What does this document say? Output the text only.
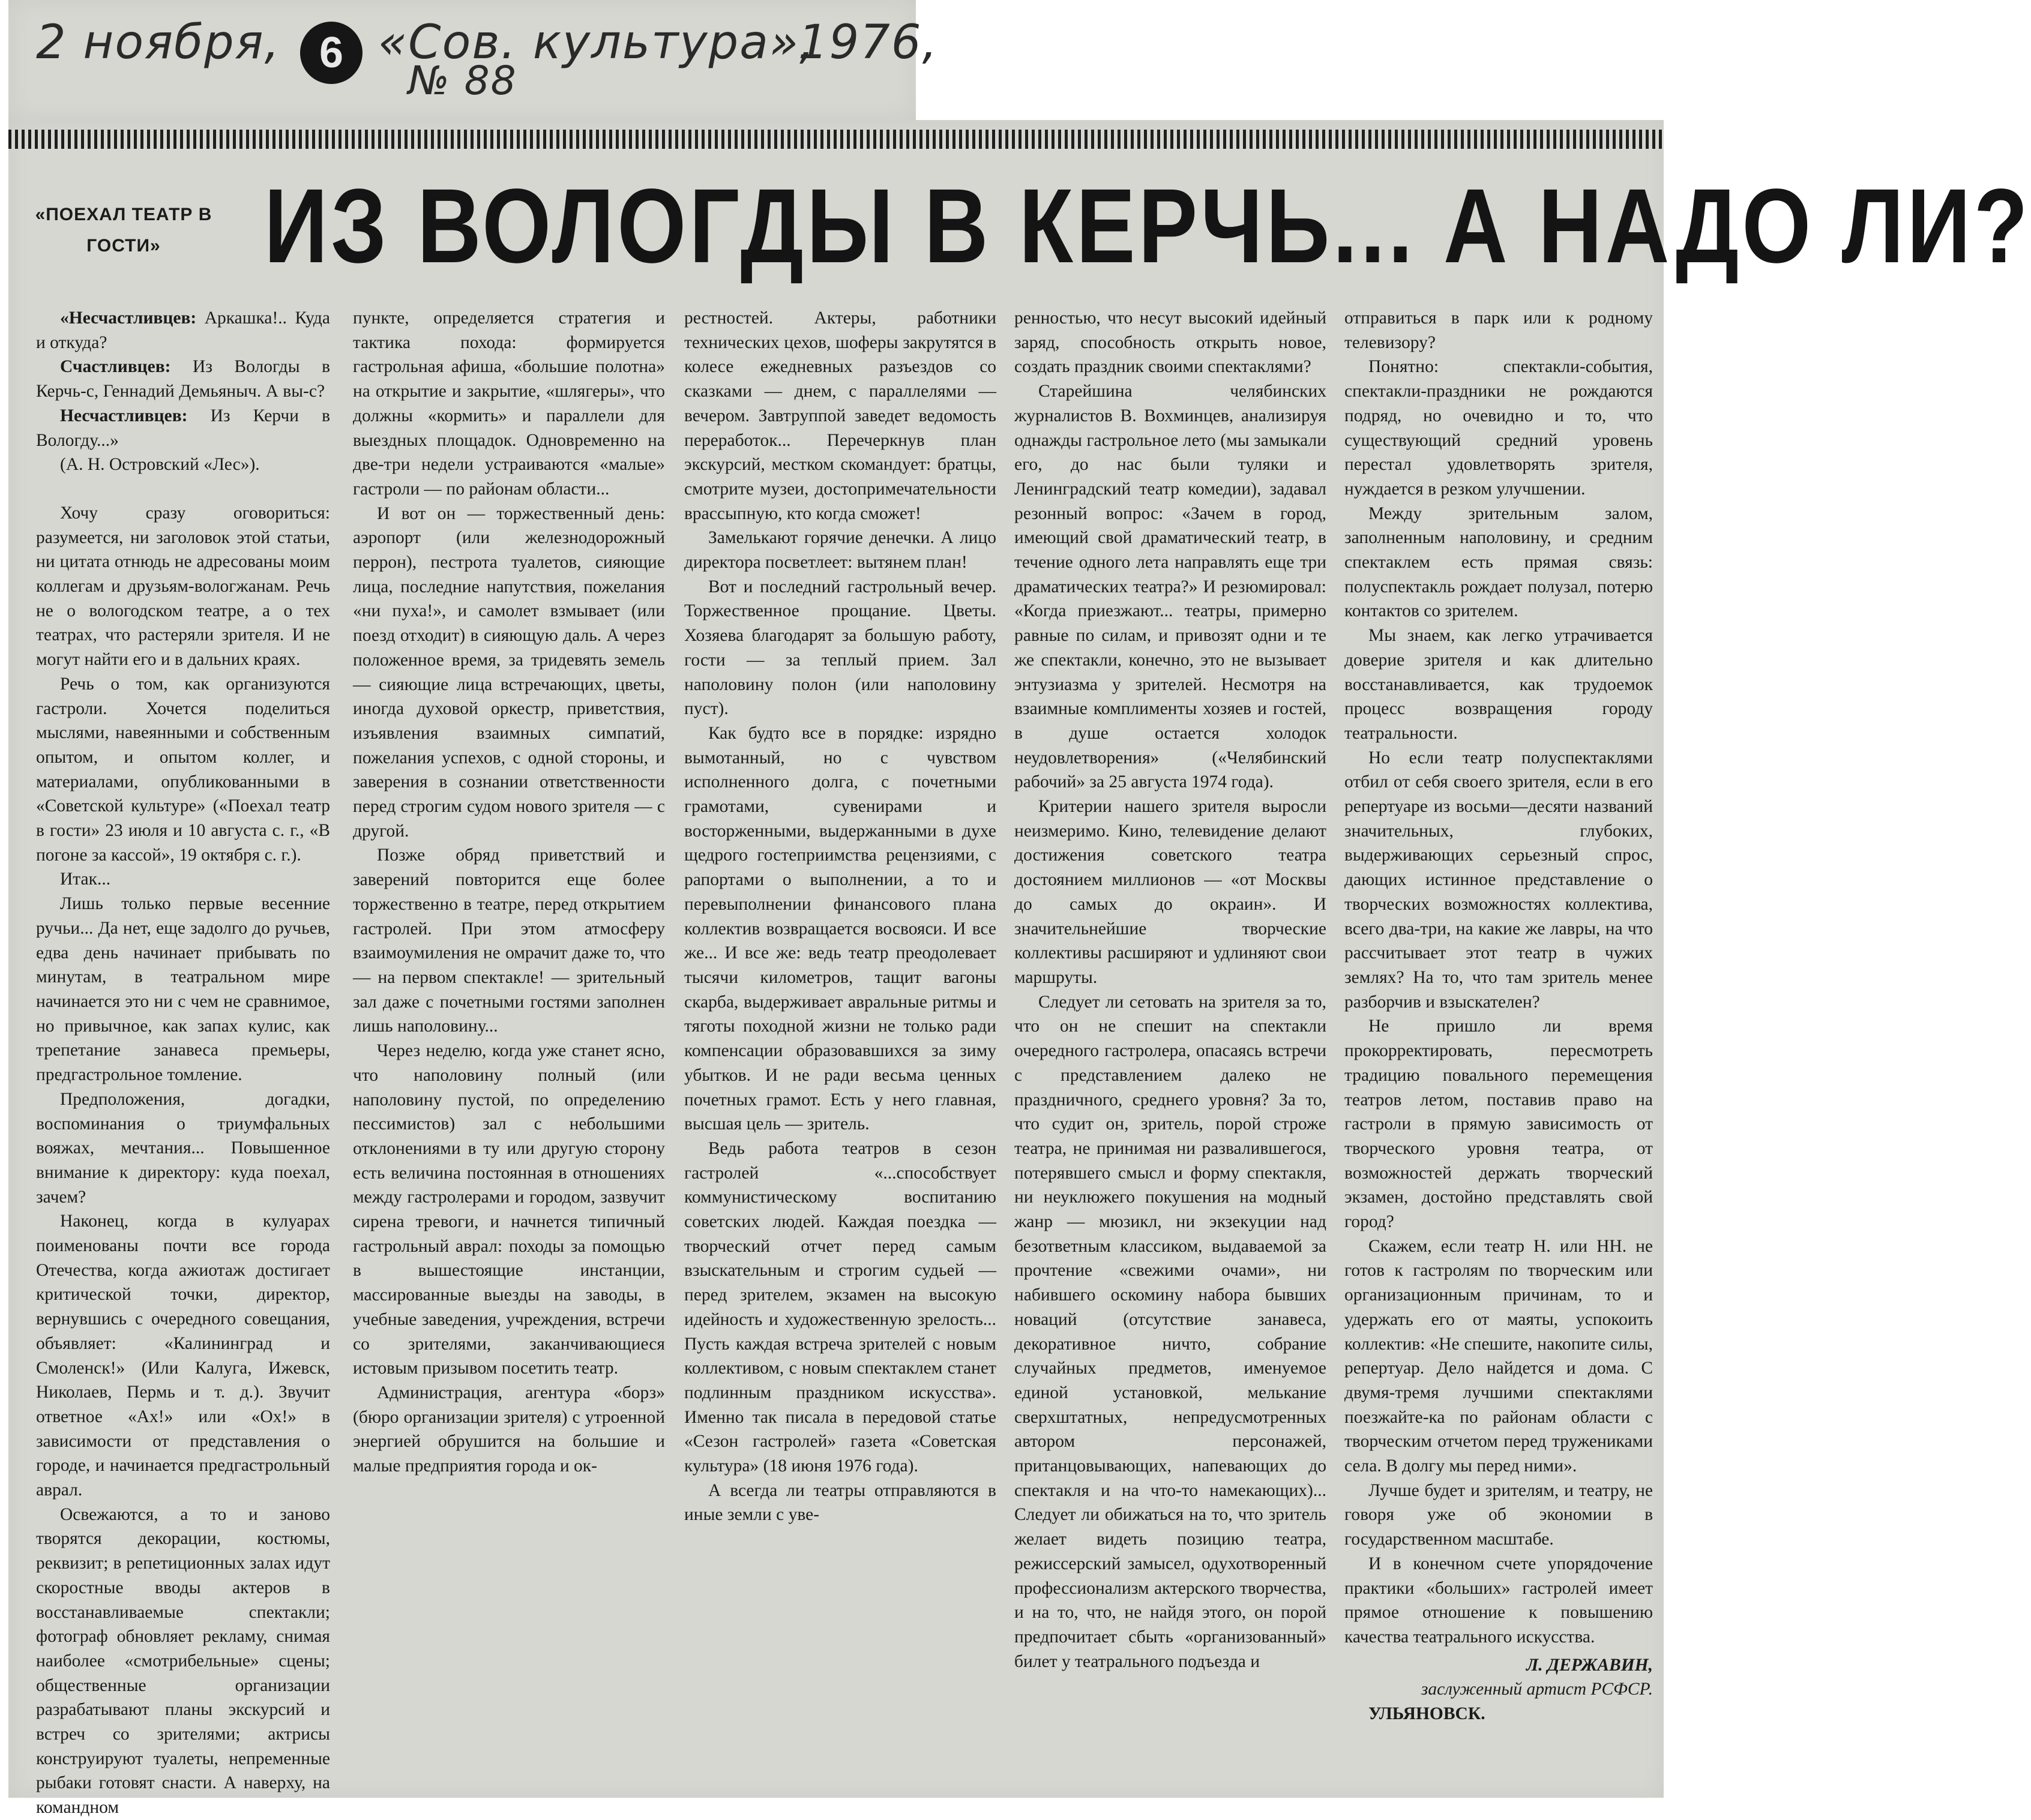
2 ноября, 6 «Сов. культура»,
1976,
№ 88
«ПОЕХАЛ ТЕАТР В ГОСТИ» ИЗ ВОЛОГДЫ В КЕРЧЬ... А НАДО ЛИ?

«Несчастливцев: Аркашка!.. Куда и откуда?

Счастливцев: Из Вологды в Керчь-с, Геннадий Демьяныч. А вы-с?

Несчастливцев: Из Керчи в Вологду...»

(А. Н. Островский «Лес»).

Хочу сразу оговориться: разумеется, ни заголовок этой статьи, ни цитата отнюдь не адресованы моим коллегам и друзьям-вологжанам. Речь не о вологодском театре, а о тех театрах, что растеряли зрителя. И не могут найти его и в дальних краях.

Речь о том, как организуются гастроли. Хочется поделиться мыслями, навеянными и собственным опытом, и опытом коллег, и материалами, опубликованными в «Советской культуре» («Поехал театр в гости» 23 июля и 10 августа с. г., «В погоне за кассой», 19 октября с. г.).

Итак...

Лишь только первые весенние ручьи... Да нет, еще задолго до ручьев, едва день начинает прибывать по минутам, в театральном мире начинается это ни с чем не сравнимое, но привычное, как запах кулис, как трепетание занавеса премьеры, предгастрольное томление.

Предположения, догадки, воспоминания о триумфальных вояжах, мечтания... Повышенное внимание к директору: куда поехал, зачем?

Наконец, когда в кулуарах поименованы почти все города Отечества, когда ажиотаж достигает критической точки, директор, вернувшись с очередного совещания, объявляет: «Калининград и Смоленск!» (Или Калуга, Ижевск, Николаев, Пермь и т. д.). Звучит ответное «Ах!» или «Ох!» в зависимости от представления о городе, и начинается предгастрольный аврал.

Освежаются, а то и заново творятся декорации, костюмы, реквизит; в репетиционных залах идут скоростные вводы актеров в восстанавливаемые спектакли; фотограф обновляет рекламу, снимая наиболее «смотрибельные» сцены; общественные организации разрабатывают планы экскурсий и встреч со зрителями; актрисы конструируют туалеты, непременные рыбаки готовят снасти. А наверху, на командном

пункте, определяется стратегия и тактика похода: формируется гастрольная афиша, «большие полотна» на открытие и закрытие, «шлягеры», что должны «кормить» и параллели для выездных площадок. Одновременно на две-три недели устраиваются «малые» гастроли — по районам области...

И вот он — торжественный день: аэропорт (или железнодорожный перрон), пестрота туалетов, сияющие лица, последние напутствия, пожелания «ни пуха!», и самолет взмывает (или поезд отходит) в сияющую даль. А через положенное время, за тридевять земель — сияющие лица встречающих, цветы, иногда духовой оркестр, приветствия, изъявления взаимных симпатий, пожелания успехов, с одной стороны, и заверения в сознании ответственности перед строгим судом нового зрителя — с другой.

Позже обряд приветствий и заверений повторится еще более торжественно в театре, перед открытием гастролей. При этом атмосферу взаимоумиления не омрачит даже то, что — на первом спектакле! — зрительный зал даже с почетными гостями заполнен лишь наполовину...

Через неделю, когда уже станет ясно, что наполовину полный (или наполовину пустой, по определению пессимистов) зал с небольшими отклонениями в ту или другую сторону есть величина постоянная в отношениях между гастролерами и городом, зазвучит сирена тревоги, и начнется типичный гастрольный аврал: походы за помощью в вышестоящие инстанции, массированные выезды на заводы, в учебные заведения, учреждения, встречи со зрителями, заканчивающиеся истовым призывом посетить театр.

Администрация, агентура «борз» (бюро организации зрителя) с утроенной энергией обрушится на большие и малые предприятия города и ок-

рестностей. Актеры, работники технических цехов, шоферы закрутятся в колесе ежедневных разъездов со сказками — днем, с параллелями — вечером. Завтруппой заведет ведомость переработок... Перечеркнув план экскурсий, местком скомандует: братцы, смотрите музеи, достопримечательности врассыпную, кто когда сможет!

Замелькают горячие денечки. А лицо директора посветлеет: вытянем план!

Вот и последний гастрольный вечер. Торжественное прощание. Цветы. Хозяева благодарят за большую работу, гости — за теплый прием. Зал наполовину полон (или наполовину пуст).

Как будто все в порядке: изрядно вымотанный, но с чувством исполненного долга, с почетными грамотами, сувенирами и восторженными, выдержанными в духе щедрого гостеприимства рецензиями, с рапортами о выполнении, а то и перевыполнении финансового плана коллектив возвращается восвояси. И все же... И все же: ведь театр преодолевает тысячи километров, тащит вагоны скарба, выдерживает авральные ритмы и тяготы походной жизни не только ради компенсации образовавшихся за зиму убытков. И не ради весьма ценных почетных грамот. Есть у него главная, высшая цель — зритель.

Ведь работа театров в сезон гастролей «...способствует коммунистическому воспитанию советских людей. Каждая поездка — творческий отчет перед самым взыскательным и строгим судьей — перед зрителем, экзамен на высокую идейность и художественную зрелость... Пусть каждая встреча зрителей с новым коллективом, с новым спектаклем станет подлинным праздником искусства». Именно так писала в передовой статье «Сезон гастролей» газета «Советская культура» (18 июня 1976 года).

А всегда ли театры отправляются в иные земли с уве-

ренностью, что несут высокий идейный заряд, способность открыть новое, создать праздник своими спектаклями?

Старейшина челябинских журналистов В. Вохминцев, анализируя однажды гастрольное лето (мы замыкали его, до нас были туляки и Ленинградский театр комедии), задавал резонный вопрос: «Зачем в город, имеющий свой драматический театр, в течение одного лета направлять еще три драматических театра?» И резюмировал: «Когда приезжают... театры, примерно равные по силам, и привозят одни и те же спектакли, конечно, это не вызывает энтузиазма у зрителей. Несмотря на взаимные комплименты хозяев и гостей, в душе остается холодок неудовлетворения» («Челябинский рабочий» за 25 августа 1974 года).

Критерии нашего зрителя выросли неизмеримо. Кино, телевидение делают достижения советского театра достоянием миллионов — «от Москвы до самых до окраин». И значительнейшие творческие коллективы расширяют и удлиняют свои маршруты.

Следует ли сетовать на зрителя за то, что он не спешит на спектакли очередного гастролера, опасаясь встречи с представлением далеко не праздничного, среднего уровня? За то, что судит он, зритель, порой строже театра, не принимая ни развалившегося, потерявшего смысл и форму спектакля, ни неуклюжего покушения на модный жанр — мюзикл, ни экзекуции над безответным классиком, выдаваемой за прочтение «свежими очами», ни набившего оскомину набора бывших новаций (отсутствие занавеса, декоративное ничто, собрание случайных предметов, именуемое единой установкой, мелькание сверхштатных, непредусмотренных автором персонажей, пританцовывающих, напевающих до спектакля и на что-то намекающих)... Следует ли обижаться на то, что зритель желает видеть позицию театра, режиссерский замысел, одухотворенный профессионализм актерского творчества, и на то, что, не найдя этого, он порой предпочитает сбыть «организованный» билет у театрального подъезда и

отправиться в парк или к родному телевизору?

Понятно: спектакли-события, спектакли-праздники не рождаются подряд, но очевидно и то, что существующий средний уровень перестал удовлетворять зрителя, нуждается в резком улучшении.

Между зрительным залом, заполненным наполовину, и средним спектаклем есть прямая связь: полуспектакль рождает полузал, потерю контактов со зрителем.

Мы знаем, как легко утрачивается доверие зрителя и как длительно восстанавливается, как трудоемок процесс возвращения городу театральности.

Но если театр полуспектаклями отбил от себя своего зрителя, если в его репертуаре из восьми—десяти названий значительных, глубоких, выдерживающих серьезный спрос, дающих истинное представление о творческих возможностях коллектива, всего два-три, на какие же лавры, на что рассчитывает этот театр в чужих землях? На то, что там зритель менее разборчив и взыскателен?

Не пришло ли время прокорректировать, пересмотреть традицию повального перемещения театров летом, поставив право на гастроли в прямую зависимость от творческого уровня театра, от возможностей держать творческий экзамен, достойно представлять свой город?

Скажем, если театр Н. или НН. не готов к гастролям по творческим или организационным причинам, то и удержать его от маяты, успокоить коллектив: «Не спешите, накопите силы, репертуар. Дело найдется и дома. С двумя-тремя лучшими спектаклями поезжайте-ка по районам области с творческим отчетом перед тружениками села. В долгу мы перед ними».

Лучше будет и зрителям, и театру, не говоря уже об экономии в государственном масштабе.

И в конечном счете упорядочение практики «больших» гастролей имеет прямое отношение к повышению качества театрального искусства.

Л. ДЕРЖАВИН,

заслуженный артист РСФСР.

УЛЬЯНОВСК.
